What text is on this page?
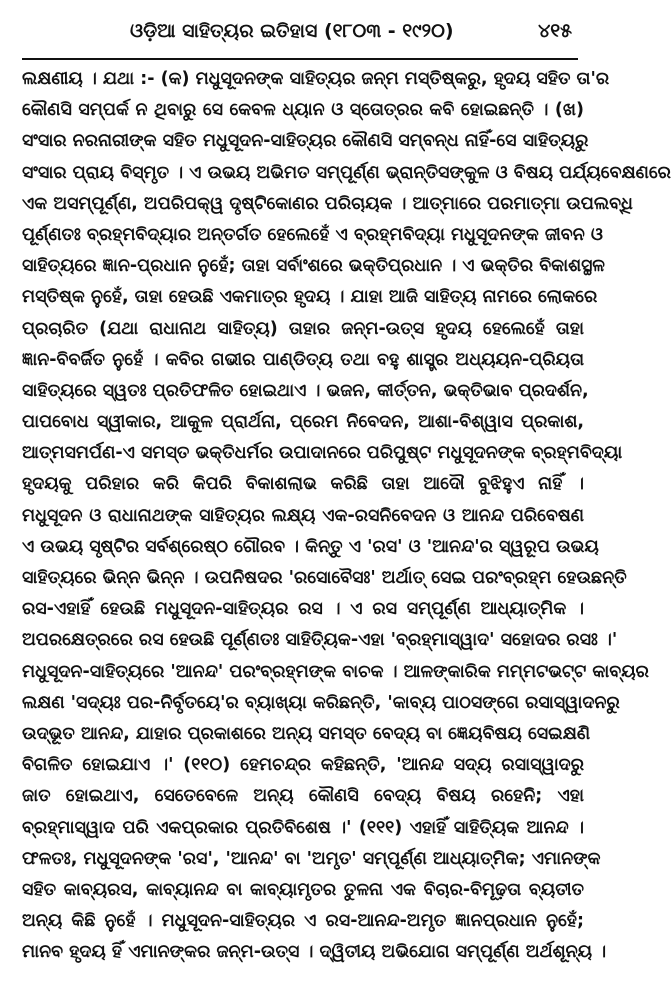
ଓଡ଼ିଆ ସାହିତ୍ୟର ଇତିହାସ (୧୮୦୩ - ୧୯୨୦)	୪୧୫
ଲକ୍ଷଣୀୟ । ଯଥା :- (କ) ମଧୁସୂଦନଙ୍କ ସାହିତ୍ୟର ଜନ୍ମ ମସ୍ତିଷ୍କରୁ, ହୃଦୟ ସହିତ ତା'ର
କୌଣସି ସମ୍ପର୍କ ନ ଥିବାରୁ ସେ କେବଳ ଧ୍ୟାନ ଓ ସ୍ତୋତ୍ରର କବି ହୋଇଛନ୍ତି । (ଖ)
ସଂସାର ନରନାରୀଙ୍କ ସହିତ ମଧୁସୂଦନ-ସାହିତ୍ୟର କୌଣସି ସମ୍ବନ୍ଧ ନାହିଁ-ସେ ସାହିତ୍ୟରୁ
ସଂସାର ପ୍ରାୟ ବିସ୍ମୃତ । ଏ ଉଭୟ ଅଭିମତ ସମ୍ପୂର୍ଣ୍ଣ ଭ୍ରାନ୍ତିସଙ୍କୁଳ ଓ ବିଷୟ ପର୍ଯ୍ୟବେକ୍ଷଣରେ
ଏକ ଅସମ୍ପୂର୍ଣ୍ଣ, ଅପରିପକ୍ୱ ଦୃଷ୍ଟିକୋଣର ପରିଚାୟକ । ଆତ୍ମାରେ ପରମାତ୍ମା ଉପଲବ୍ଧି
ପୂର୍ଣ୍ଣତଃ ବ୍ରହ୍ମବିଦ୍ୟାର ଅନ୍ତର୍ଗତ ହେଲେହେଁ ଏ ବ୍ରହ୍ମବିଦ୍ୟା ମଧୁସୂଦନଙ୍କ ଜୀବନ ଓ
ସାହିତ୍ୟରେ ଜ୍ଞାନ-ପ୍ରଧାନ ନୁହେଁ; ତାହା ସର୍ବାଂଶରେ ଭକ୍ତିପ୍ରଧାନ । ଏ ଭକ୍ତିର ବିକାଶସ୍ଥଳ
ମସ୍ତିଷ୍କ ନୁହେଁ, ତାହା ହେଉଛି ଏକମାତ୍ର ହୃଦୟ । ଯାହା ଆଜି ସାହିତ୍ୟ ନାମରେ ଲୋକରେ
ପ୍ରଚାରିତ (ଯଥା ରାଧାନାଥ ସାହିତ୍ୟ) ତାହାର ଜନ୍ମ-ଉତ୍ସ ହୃଦୟ ହେଲେହେଁ ତାହା
ଜ୍ଞାନ-ବିବର୍ଜିତ ନୁହେଁ । କବିର ଗଭୀର ପାଣ୍ଡିତ୍ୟ ତଥା ବହୁ ଶାସ୍ତ୍ର ଅଧ୍ୟୟନ-ପ୍ରିୟତା
ସାହିତ୍ୟରେ ସ୍ୱତଃ ପ୍ରତିଫଳିତ ହୋଇଥାଏ । ଭଜନ, କୀର୍ତ୍ତନ, ଭକ୍ତିଭାବ ପ୍ରଦର୍ଶନ,
ପାପବୋଧ ସ୍ୱୀକାର, ଆକୁଳ ପ୍ରାର୍ଥନା, ପ୍ରେମ ନିବେଦନ, ଆଶା-ବିଶ୍ୱାସ ପ୍ରକାଶ,
ଆତ୍ମସମର୍ପଣ-ଏ ସମସ୍ତ ଭକ୍ତିଧର୍ମର ଉପାଦାନରେ ପରିପୁଷ୍ଟ ମଧୁସୂଦନଙ୍କ ବ୍ରହ୍ମବିଦ୍ୟା
ହୃଦୟକୁ ପରିହାର କରି କିପରି ବିକାଶଲାଭ କରିଛି ତାହା ଆଦୌ ବୁଝିହୁଏ ନାହିଁ ।
ମଧୁସୂଦନ ଓ ରାଧାନାଥଙ୍କ ସାହିତ୍ୟର ଲକ୍ଷ୍ୟ ଏକ-ରସନିବେଦନ ଓ ଆନନ୍ଦ ପରିବେଷଣ
ଏ ଉଭୟ ସୃଷ୍ଟିର ସର୍ବଶ୍ରେଷ୍ଠ ଗୌରବ । କିନ୍ତୁ ଏ 'ରସ' ଓ 'ଆନନ୍ଦ'ର ସ୍ୱରୂପ ଉଭୟ
ସାହିତ୍ୟରେ ଭିନ୍ନ ଭିନ୍ନ । ଉପନିଷଦର 'ରସୋବୈସଃ' ଅର୍ଥାତ୍ ସେଇ ପରଂବ୍ରହ୍ମ ହେଉଛନ୍ତି
ରସ-ଏହାହିଁ ହେଉଛି ମଧୁସୂଦନ-ସାହିତ୍ୟର ରସ । ଏ ରସ ସମ୍ପୂର୍ଣ୍ଣ ଆଧ୍ୟାତ୍ମିକ ।
ଅପରକ୍ଷେତ୍ରରେ ରସ ହେଉଛି ପୂର୍ଣ୍ଣତଃ ସାହିତ୍ୟିକ-ଏହା 'ବ୍ରହ୍ମାସ୍ୱାଦ' ସହୋଦର ରସଃ ।'
ମଧୁସୂଦନ-ସାହିତ୍ୟରେ 'ଆନନ୍ଦ' ପରଂବ୍ରହ୍ମଙ୍କ ବାଚକ । ଆଳଙ୍କାରିକ ମମ୍ମଟଭଟ୍ଟ କାବ୍ୟର
ଲକ୍ଷଣ 'ସଦ୍ୟଃ ପର-ନିର୍ବୃତୟେ'ର ବ୍ୟାଖ୍ୟା କରିଛନ୍ତି, 'କାବ୍ୟ ପାଠସଙ୍ଗେ ରସାସ୍ୱାଦନରୁ
ଉଦ୍‌ଭୂତ ଆନନ୍ଦ, ଯାହାର ପ୍ରକାଶରେ ଅନ୍ୟ ସମସ୍ତ ବେଦ୍ୟ ବା ଜ୍ଞେୟବିଷୟ ସେଇକ୍ଷଣି
ବିଗଳିତ ହୋଇଯାଏ ।' (୧୧୦) ହେମଚନ୍ଦ୍ର କହିଛନ୍ତି, 'ଆନନ୍ଦ ସଦ୍ୟ ରସାସ୍ୱାଦରୁ
ଜାତ ହୋଇଥାଏ, ସେତେବେଳେ ଅନ୍ୟ କୌଣସି ବେଦ୍ୟ ବିଷୟ ରହେନି; ଏହା
ବ୍ରହ୍ମାସ୍ୱାଦ ପରି ଏକପ୍ରକାର ପ୍ରତିବିଶେଷ ।' (୧୧୧) ଏହାହିଁ ସାହିତ୍ୟିକ ଆନନ୍ଦ ।
ଫଳତଃ, ମଧୁସୂଦନଙ୍କ 'ରସ', 'ଆନନ୍ଦ' ବା 'ଅମୃତ' ସମ୍ପୂର୍ଣ୍ଣ ଆଧ୍ୟାତ୍ମିକ; ଏମାନଙ୍କ
ସହିତ କାବ୍ୟରସ, କାବ୍ୟାନନ୍ଦ ବା କାବ୍ୟାମୃତର ତୁଳନା ଏକ ବିଚାର-ବିମୂଢ଼ତା ବ୍ୟତୀତ
ଅନ୍ୟ କିଛି ନୁହେଁ । ମଧୁସୂଦନ-ସାହିତ୍ୟର ଏ ରସ-ଆନନ୍ଦ-ଅମୃତ ଜ୍ଞାନପ୍ରଧାନ ନୁହେଁ;
ମାନବ ହୃଦୟ ହିଁ ଏମାନଙ୍କର ଜନ୍ମ-ଉତ୍ସ । ଦ୍ୱିତୀୟ ଅଭିଯୋଗ ସମ୍ପୂର୍ଣ୍ଣ ଅର୍ଥଶୂନ୍ୟ ।
